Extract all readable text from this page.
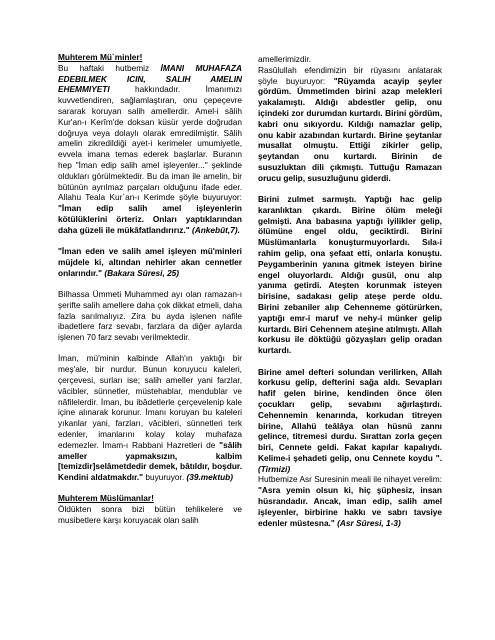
Muhterem Mü`minler!

Bu haftaki hutbemiz İMANI MUHAFAZA EDEBILMEK ICIN, SALIH AMELIN EHEMMIYETI hakkındadır. İmanımızı kuvvetlendiren, sağlamlaştıran, onu çepeçevre sararak koruyan salih amellerdir. Amel-i sâlih Kur'an-ı Kerîm'de doksan küsür yerde doğrudan doğruya veya dolaylı olarak emredilmiştir. Sâlih amelin zikredildiği ayet-i kerimeler umumiyetle, evvela imana temas ederek başlarlar. Buranın hep "İman edip salih amel işleyenler..." şeklinde oldukları görülmektedir. Bu da iman ile amelin, bir bütünün ayrılmaz parçaları olduğunu ifade eder. Allahu Teala Kur`an-ı Kerimde şöyle buyuruyor: "İman edip salih amel işleyenlerin kötülüklerini örteriz. Onları yaptıklarından daha güzeli ile mükâfatlandırırız." (Ankebût,7).

"İman eden ve salih amel işleyen mü'minleri müjdele ki, altından nehirler akan cennetler onlarındır." (Bakara Sûresi, 25)

Bilhassa Ümmeti Muhammed ayı olan ramazan-ı şerifte salih amellere daha çok dikkat etmeli, daha fazla sarılmalıyız. Zira bu ayda işlenen nafile ibadetlere farz sevabı, farzlara da diğer aylarda işlenen 70 farz sevabı verilmektedir.

İman, mü'minin kalbinde Allah'ın yaktığı bir meş'ale, bir nurdur. Bunun koruyucu kaleleri, çerçevesi, surları ise; salih ameller yani farzlar, vâcibler, sünnetler, müstehablar, mendublar ve nâfilelerdir. İman, bu ibâdetlerle çerçevelenip kale içine alınarak korunur. İmanı koruyan bu kaleleri yıkanlar yani, farzları, vâcibleri, sünnetleri terk edenler, imanlarını kolay kolay muhafaza edemezler. İmam-ı Rabbani Hazretleri de "sâlih ameller yapmaksızın, kalbim [temizdir]selâmetdedir demek, bâtıldır, boşdur. Kendini aldatmakdır." buyuruyor. (39.mektub)

Muhterem Müslümanlar!

Öldükten sonra bizi bütün tehlikelere ve musibetlere karşı koruyacak olan salih

amellerimizdir.

Rasûlullah efendimizin bir rüyasını anlatarak şöyle buyuruyor: "Rüyamda acayip şeyler gördüm. Ümmetimden birini azap melekleri yakalamıştı. Aldığı abdestler gelip, onu içindeki zor durumdan kurtardı. Birini gördüm, kabri onu sıkıyordu. Kıldığı namazlar gelip, onu kabir azabından kurtardı. Birine şeytanlar musallat olmuştu. Ettiği zikirler gelip, şeytandan onu kurtardı. Birinin de susuzluktan dili çıkmıştı. Tuttuğu Ramazan orucu gelip, susuzluğunu giderdi.

Birini zulmet sarmıştı. Yaptığı hac gelip karanlıktan çıkardı. Birine ölüm meleği gelmişti. Ana babasına yaptığı iyilikler gelip, ölümüne engel oldu, geciktirdi. Birini Müslümanlarla konuşturmuyorlardı. Sıla-i rahim gelip, ona şefaat etti, onlarla konuştu. Peygamberinin yanına gitmek isteyen birine engel oluyorlardı. Aldığı gusül, onu alıp yanıma getirdi. Ateşten korunmak isteyen birisine, sadakası gelip ateşe perde oldu. Birini zebaniler alıp Cehenneme götürürken, yaptığı emr-i maruf ve nehy-i münker gelip kurtardı. Biri Cehennem ateşine atılmıştı. Allah korkusu ile döktüğü gözyaşları gelip oradan kurtardı.

Birine amel defteri solundan verilirken, Allah korkusu gelip, defterini sağa aldı. Sevapları hafif gelen birine, kendinden önce ölen çocukları gelip, sevabını ağırlaştırdı. Cehennemin kenarında, korkudan titreyen birine, Allahü teâlâya olan hüsnü zannı gelince, titremesi durdu. Sırattan zorla geçen biri, Cennete geldi. Fakat kapılar kapalıydı. Kelime-i şehadeti gelip, onu Cennete koydu ". (Tirmizi)

Hutbemize Asr Suresinin meali ile nihayet verelim: "Asra yemin olsun ki, hiç şüphesiz, insan hüsrandadır. Ancak, iman edip, salih amel işleyenler, birbirine hakkı ve sabrı tavsiye edenler müstesna." (Asr Sûresi, 1-3)
